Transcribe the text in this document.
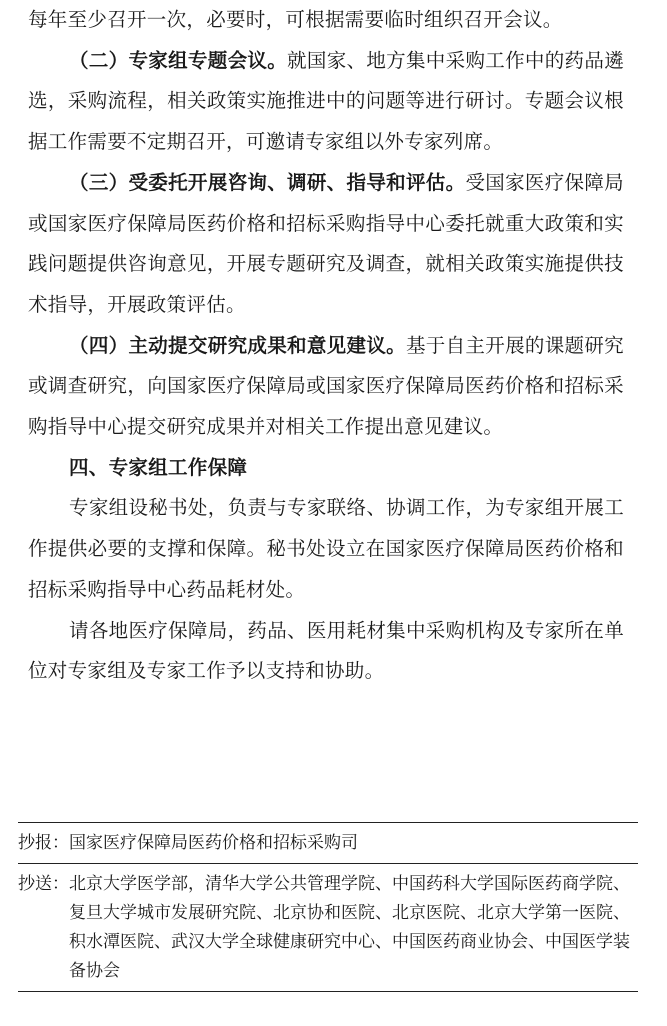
每年至少召开一次，必要时，可根据需要临时组织召开会议。

（二）专家组专题会议。就国家、地方集中采购工作中的药品遴选，采购流程，相关政策实施推进中的问题等进行研讨。专题会议根据工作需要不定期召开，可邀请专家组以外专家列席。

（三）受委托开展咨询、调研、指导和评估。受国家医疗保障局或国家医疗保障局医药价格和招标采购指导中心委托就重大政策和实践问题提供咨询意见，开展专题研究及调查，就相关政策实施提供技术指导，开展政策评估。

（四）主动提交研究成果和意见建议。基于自主开展的课题研究或调查研究，向国家医疗保障局或国家医疗保障局医药价格和招标采购指导中心提交研究成果并对相关工作提出意见建议。

四、专家组工作保障

专家组设秘书处，负责与专家联络、协调工作，为专家组开展工作提供必要的支撑和保障。秘书处设立在国家医疗保障局医药价格和招标采购指导中心药品耗材处。

请各地医疗保障局，药品、医用耗材集中采购机构及专家所在单位对专家组及专家工作予以支持和协助。

抄报： 国家医疗保障局医药价格和招标采购司
抄送： 北京大学医学部，清华大学公共管理学院、中国药科大学国际医药商学院、复旦大学城市发展研究院、北京协和医院、北京医院、北京大学第一医院、积水潭医院、武汉大学全球健康研究中心、中国医药商业协会、中国医学装备协会
